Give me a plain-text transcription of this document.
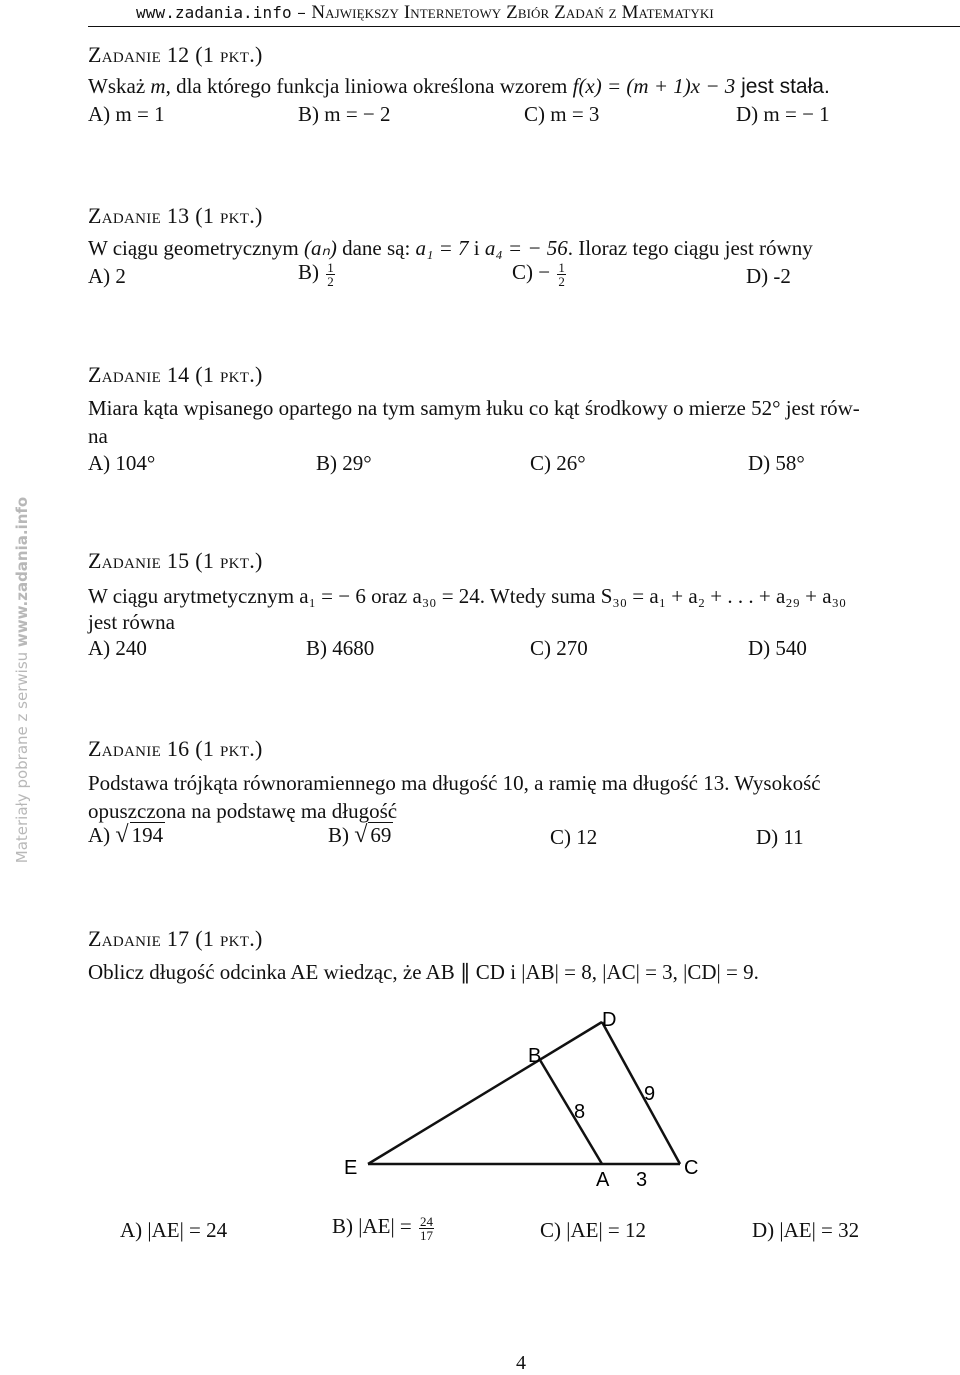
www.zadania.info – Największy Internetowy Zbiór Zadań z Matematyki
Materiały pobrane z serwisu www.zadania.info
Zadanie 12 (1 pkt.)
Wskaż m, dla którego funkcja liniowa określona wzorem f(x) = (m + 1)x − 3 jest stała.
A) m = 1	B) m = − 2	C) m = 3	D) m = − 1
Zadanie 13 (1 pkt.)
W ciągu geometrycznym (aₙ) dane są: a₁ = 7 i a₄ = − 56. Iloraz tego ciągu jest równy
A) 2	$B) \frac{1}{2}$	$C) - \frac{1}{2}$	D) -2
Zadanie 14 (1 pkt.)
Miara kąta wpisanego opartego na tym samym łuku co kąt środkowy o mierze 52° jest rów-
na
A) 104°	B) 29°	C) 26°	D) 58°
Zadanie 15 (1 pkt.)
W ciągu arytmetycznym a₁ = − 6 oraz a₃₀ = 24. Wtedy suma S₃₀ = a₁ + a₂ + . . . + a₂₉ + a₃₀
jest równa
A) 240	B) 4680	C) 270	D) 540
Zadanie 16 (1 pkt.)
Podstawa trójkąta równoramiennego ma długość 10, a ramię ma długość 13. Wysokość
opuszczona na podstawę ma długość
A) √ 194	B) √ 69	C) 12	D) 11
Zadanie 17 (1 pkt.)
Oblicz długość odcinka AE wiedząc, że AB ∥ CD i |AB| = 8, |AC| = 3, |CD| = 9.
E
B
D
A
C
8
9
3
A) |AE| = 24	B) $|AE| = \frac{24}{17}$	C) |AE| = 12	D) |AE| = 32
4
